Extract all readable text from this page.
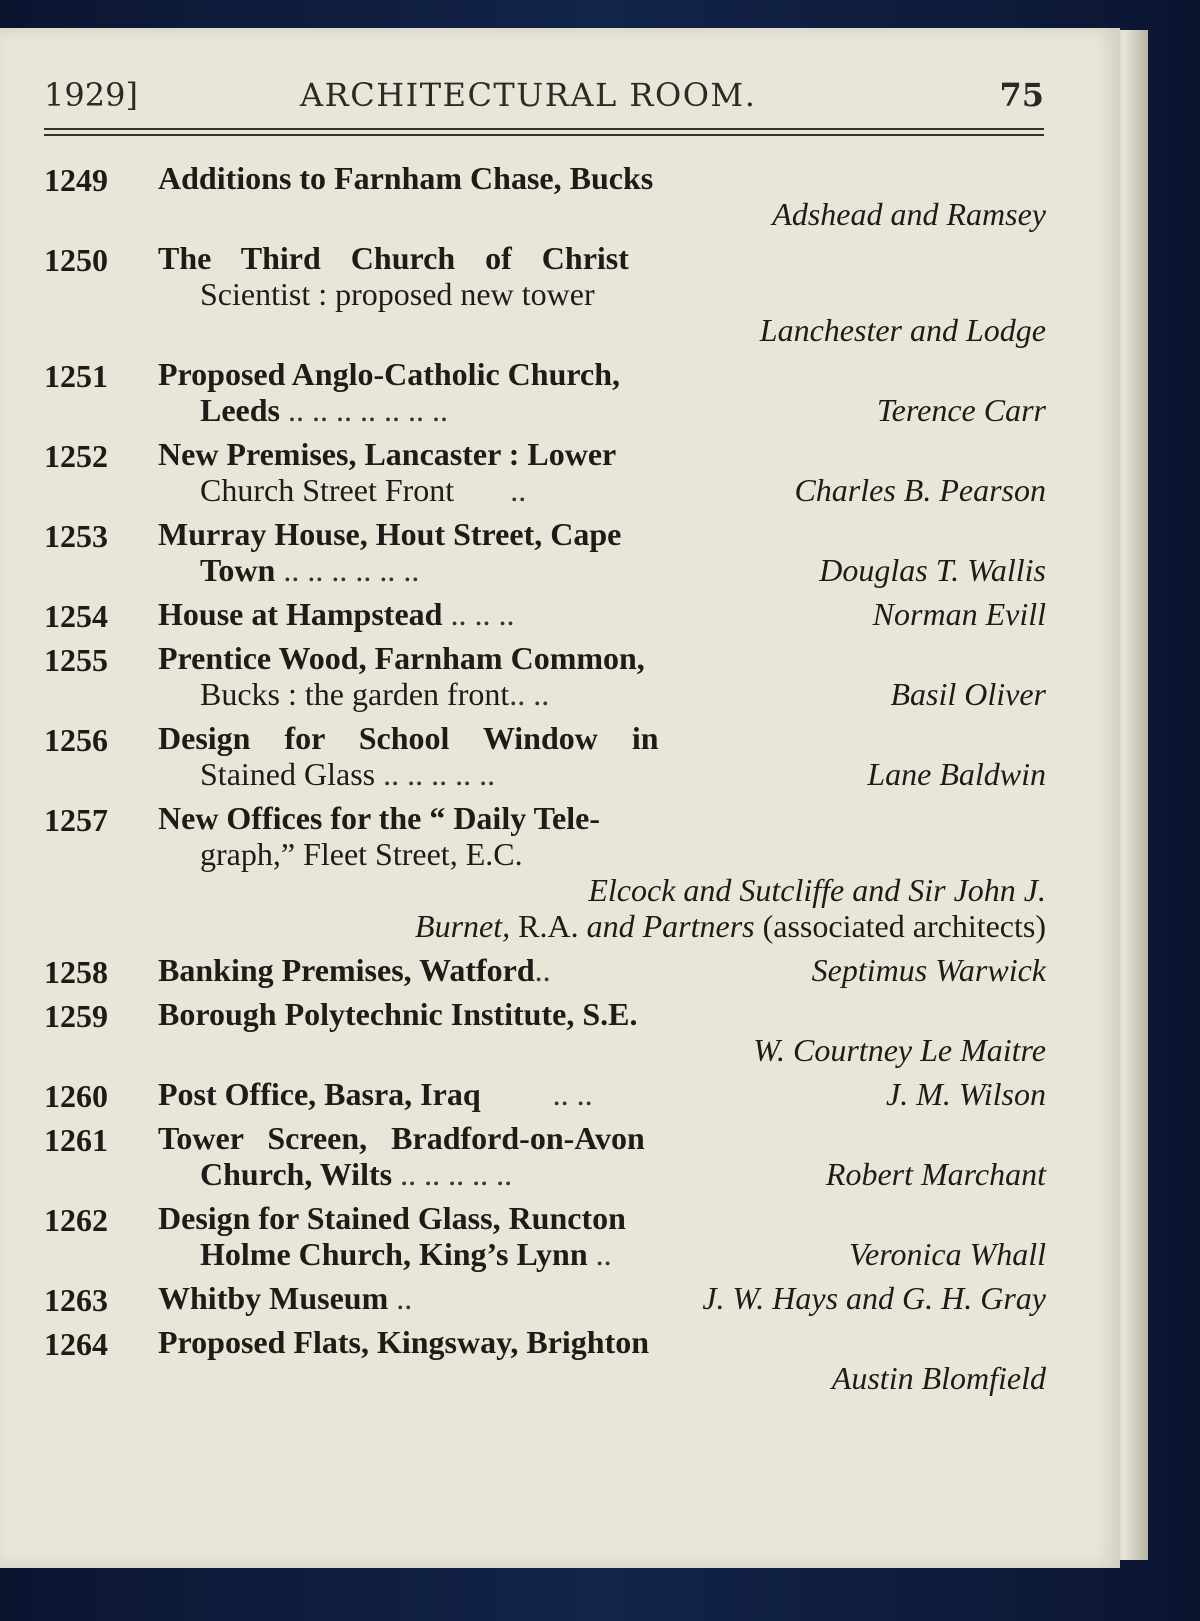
1929]	ARCHITECTURAL ROOM.	75
1249	Additions to Farnham Chase, Bucks
Adshead and Ramsey
1250	The Third Church of Christ
Scientist : proposed new tower
Lanchester and Lodge
1251	Proposed Anglo-Catholic Church,
Leeds .. .. .. .. .. .. ..	Terence Carr
1252	New Premises, Lancaster : Lower
Church Street Front ..	Charles B. Pearson
1253	Murray House, Hout Street, Cape
Town .. .. .. .. .. ..	Douglas T. Wallis
1254	House at Hampstead .. .. ..	Norman Evill
1255	Prentice Wood, Farnham Common,
Bucks : the garden front.. ..	Basil Oliver
1256	Design for School Window in
Stained Glass .. .. .. .. ..	Lane Baldwin
1257	New Offices for the “ Daily Tele-
graph,” Fleet Street, E.C.
Elcock and Sutcliffe and Sir John J.
Burnet, R.A. and Partners (associated architects)
1258	Banking Premises, Watford..	Septimus Warwick
1259	Borough Polytechnic Institute, S.E.
W. Courtney Le Maitre
1260	Post Office, Basra, Iraq .. ..	J. M. Wilson
1261	Tower Screen, Bradford-on-Avon
Church, Wilts .. .. .. .. ..	Robert Marchant
1262	Design for Stained Glass, Runcton
Holme Church, King’s Lynn ..	Veronica Whall
1263	Whitby Museum ..	J. W. Hays and G. H. Gray
1264	Proposed Flats, Kingsway, Brighton
Austin Blomfield
